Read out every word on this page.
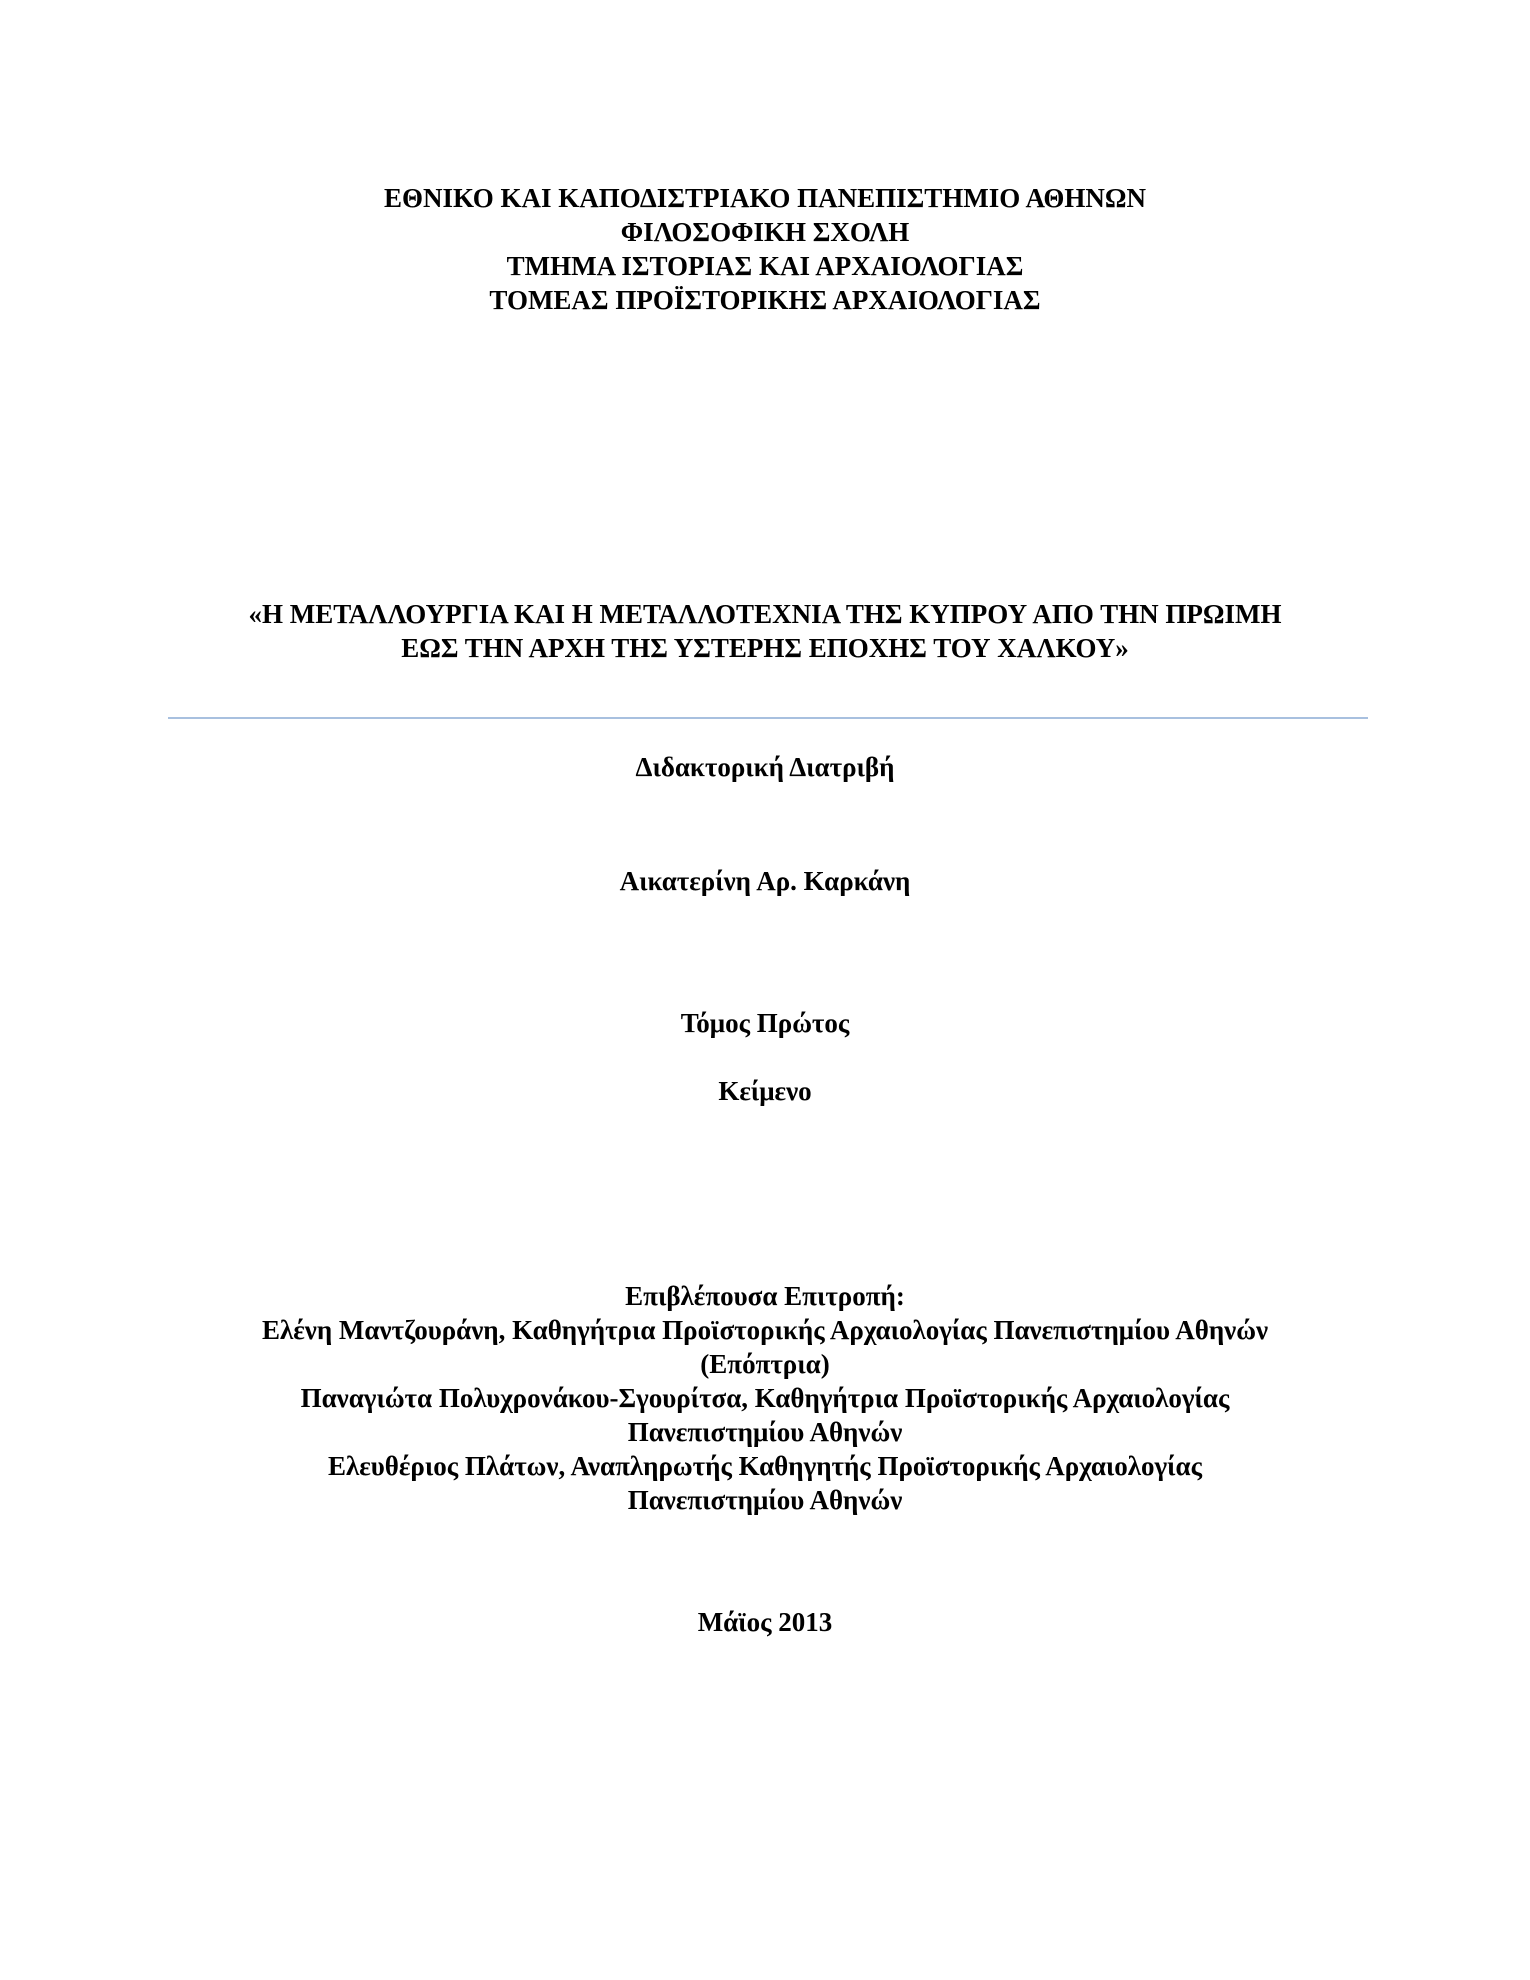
ΕΘΝΙΚΟ ΚΑΙ ΚΑΠΟΔΙΣΤΡΙΑΚΟ ΠΑΝΕΠΙΣΤΗΜΙΟ ΑΘΗΝΩΝ
ΦΙΛΟΣΟΦΙΚΗ ΣΧΟΛΗ
ΤΜΗΜΑ ΙΣΤΟΡΙΑΣ ΚΑΙ ΑΡΧΑΙΟΛΟΓΙΑΣ
ΤΟΜΕΑΣ ΠΡΟΪΣΤΟΡΙΚΗΣ ΑΡΧΑΙΟΛΟΓΙΑΣ
«Η ΜΕΤΑΛΛΟΥΡΓΙΑ ΚΑΙ Η ΜΕΤΑΛΛΟΤΕΧΝΙΑ ΤΗΣ ΚΥΠΡΟΥ ΑΠΟ ΤΗΝ ΠΡΩΙΜΗ
ΕΩΣ ΤΗΝ ΑΡΧΗ ΤΗΣ ΥΣΤΕΡΗΣ ΕΠΟΧΗΣ ΤΟΥ ΧΑΛΚΟΥ»
Διδακτορική Διατριβή
Αικατερίνη Αρ. Καρκάνη
Τόμος Πρώτος
Κείμενο
Επιβλέπουσα Επιτροπή:
Ελένη Μαντζουράνη, Καθηγήτρια Προϊστορικής Αρχαιολογίας Πανεπιστημίου Αθηνών
(Επόπτρια)
Παναγιώτα Πολυχρονάκου-Σγουρίτσα, Καθηγήτρια Προϊστορικής Αρχαιολογίας
Πανεπιστημίου Αθηνών
Ελευθέριος Πλάτων, Αναπληρωτής Καθηγητής Προϊστορικής Αρχαιολογίας
Πανεπιστημίου Αθηνών
Μάϊος 2013
